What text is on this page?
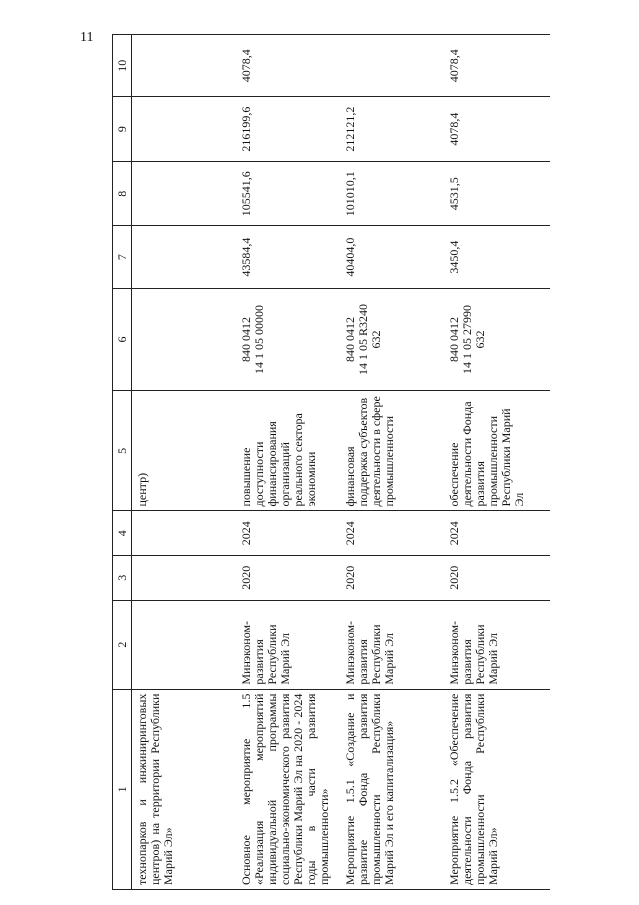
11
1	2	3	4	5	6	7	8	9	10
технопарков и инжиниринговых центров) на территории Республики Марий Эл»				центр)	

Основное мероприятие 1.5 «Реализация мероприятий индивидуальной программы социально-экономического развития Республики Марий Эл на 2020 - 2024 годы в части развития промышленности»	Минэконом-развития Республики Марий Эл	2020	2024	повышение доступности финансирования организаций реального сектора экономики	840 0412 14 1 05 00000	43584,4	105541,6	216199,6	4078,4
Мероприятие 1.5.1 «Создание и развитие Фонда развития промышленности Республики Марий Эл и его капитализация»	Минэконом-развития Республики Марий Эл	2020	2024	финансовая поддержка субъектов деятельности в сфере промышленности	840 0412 14 1 05 R3240 632	40404,0	101010,1	212121,2	
Мероприятие 1.5.2 «Обеспечение деятельности Фонда развития промышленности Республики Марий Эл»	Минэконом-развития Республики Марий Эл	2020	2024	обеспечение деятельности Фонда развития промышленности Республики Марий Эл	840 0412 14 1 05 27990 632	3450,4	4531,5	4078,4	4078,4
